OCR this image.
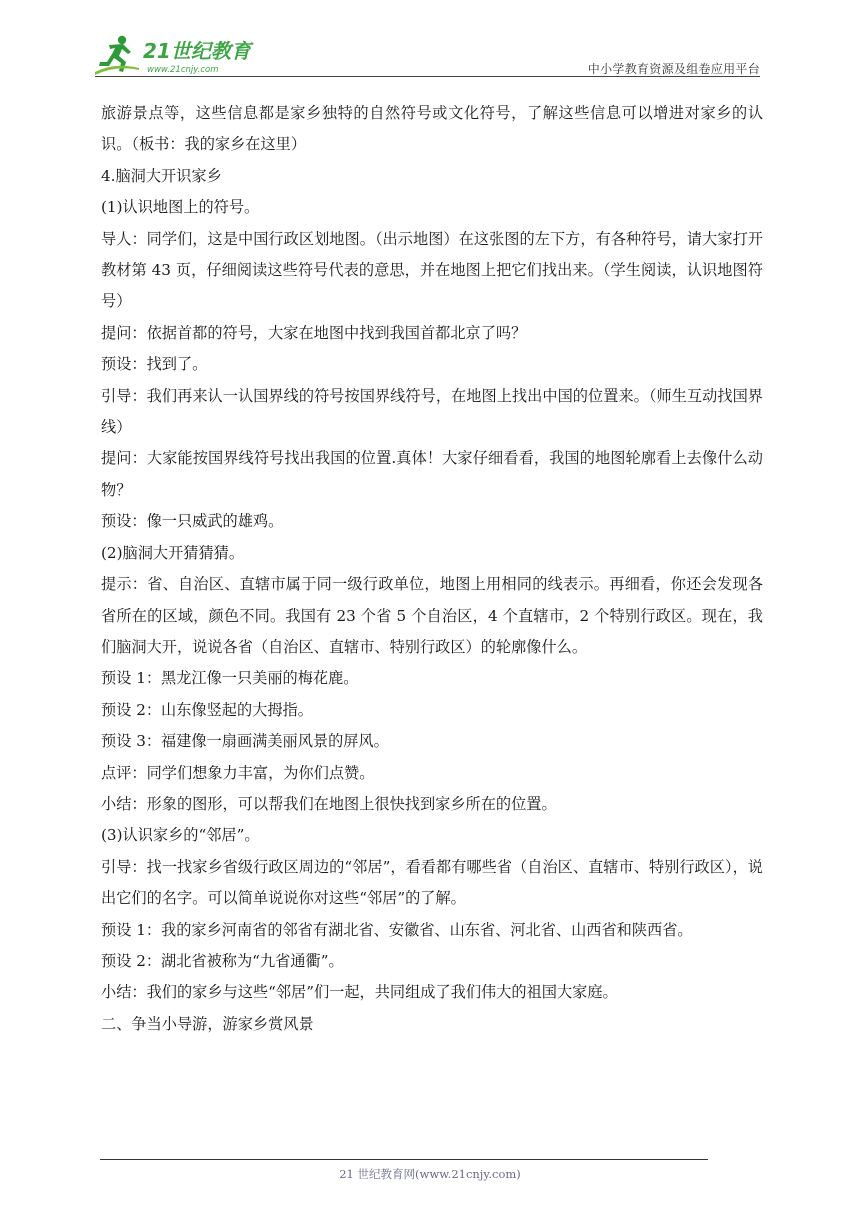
21世纪教育
www.21cnjy.com	中小学教育资源及组卷应用平台

旅游景点等，这些信息都是家乡独特的自然符号或文化符号，了解这些信息可以增进对家乡的认识。（板书：我的家乡在这里）

4.脑洞大开识家乡

(1)认识地图上的符号。

导人：同学们，这是中国行政区划地图。（出示地图）在这张图的左下方，有各种符号，请大家打开教材第 43 页，仔细阅读这些符号代表的意思，并在地图上把它们找出来。（学生阅读，认识地图符号）

提问：依据首都的符号，大家在地图中找到我国首都北京了吗？

预设：找到了。

引导：我们再来认一认国界线的符号按国界线符号，在地图上找出中国的位置来。（师生互动找国界线）

提问：大家能按国界线符号找出我国的位置.真体！大家仔细看看，我国的地图轮廓看上去像什么动物？

预设：像一只威武的雄鸡。

(2)脑洞大开猜猜猜。

提示：省、自治区、直辖市属于同一级行政单位，地图上用相同的线表示。再细看，你还会发现各省所在的区域，颜色不同。我国有 23 个省 5 个自治区，4 个直辖市，2 个特别行政区。现在，我们脑洞大开，说说各省（自治区、直辖市、特别行政区）的轮廓像什么。

预设 1：黑龙江像一只美丽的梅花鹿。

预设 2：山东像竖起的大拇指。

预设 3：福建像一扇画满美丽风景的屏风。

点评：同学们想象力丰富，为你们点赞。

小结：形象的图形，可以帮我们在地图上很快找到家乡所在的位置。

(3)认识家乡的“邻居”。

引导：找一找家乡省级行政区周边的“邻居”，看看都有哪些省（自治区、直辖市、特别行政区），说出它们的名字。可以简单说说你对这些“邻居”的了解。

预设 1：我的家乡河南省的邻省有湖北省、安徽省、山东省、河北省、山西省和陕西省。

预设 2：湖北省被称为“九省通衢”。

小结：我们的家乡与这些“邻居”们一起，共同组成了我们伟大的祖国大家庭。

二、争当小导游，游家乡赏风景

21 世纪教育网(www.21cnjy.com)
